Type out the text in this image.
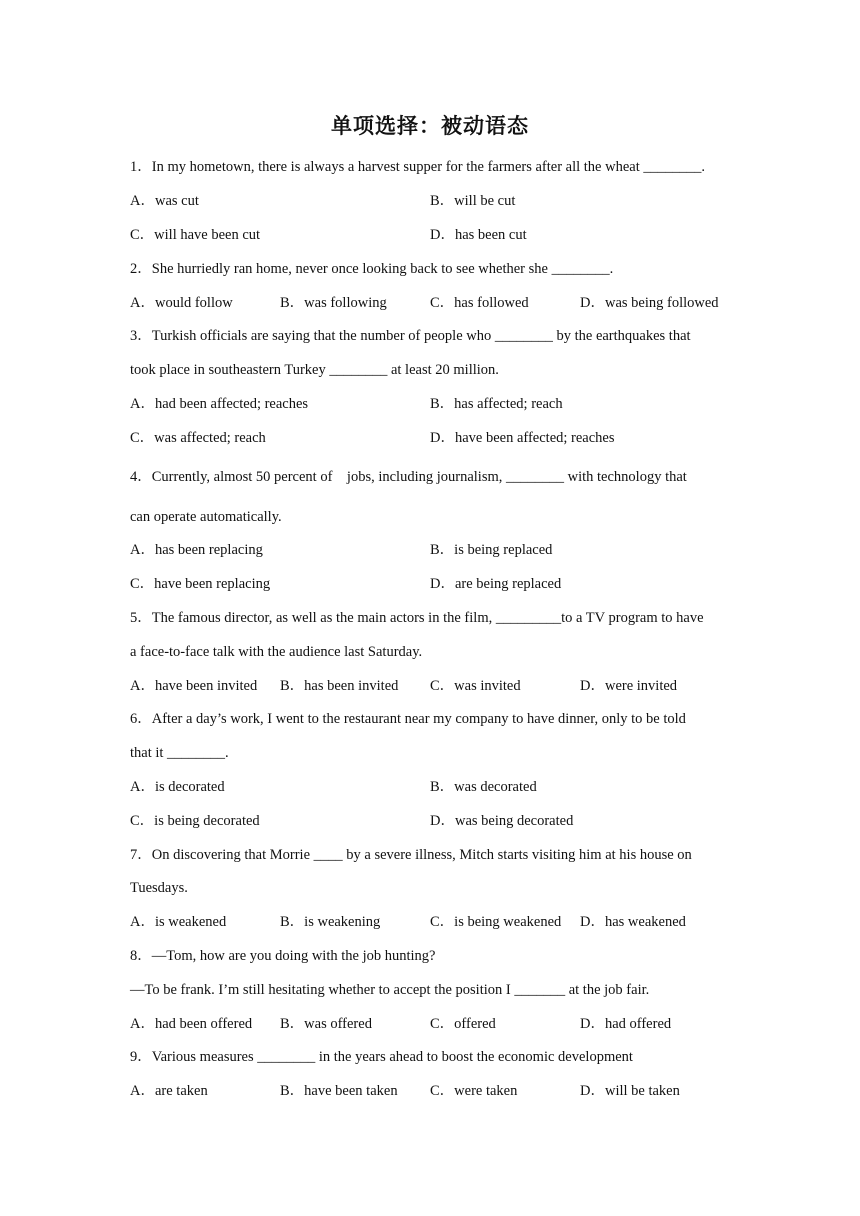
单项选择：被动语态
1．In my hometown, there is always a harvest supper for the farmers after all the wheat ________.
A．was cut	B．will be cut
C．will have been cut	D．has been cut
2．She hurriedly ran home, never once looking back to see whether she ________.
A．would follow	B．was following	C．has followed	D．was being followed
3．Turkish officials are saying that the number of people who ________ by the earthquakes that
took place in southeastern Turkey ________ at least 20 million.
A．had been affected; reaches	B．has affected; reach
C．was affected; reach	D．have been affected; reaches
4．Currently, almost 50 percent of    jobs, including journalism, ________ with technology that
can operate automatically.
A．has been replacing	B．is being replaced
C．have been replacing	D．are being replaced
5．The famous director, as well as the main actors in the film, _________to a TV program to have
a face-to-face talk with the audience last Saturday.
A．have been invited B．has been invited C．was invited	D．were invited
6．After a day’s work, I went to the restaurant near my company to have dinner, only to be told
that it ________.
A．is decorated	B．was decorated
C．is being decorated	D．was being decorated
7．On discovering that Morrie ____ by a severe illness, Mitch starts visiting him at his house on
Tuesdays.
A．is weakened	B．is weakening	C．is being weakened D．has weakened
8．—Tom, how are you doing with the job hunting?
—To be frank. I’m still hesitating whether to accept the position I _______ at the job fair.
A．had been offered B．was offered	C．offered	D．had offered
9．Various measures ________ in the years ahead to boost the economic development
A．are taken	B．have been taken C．were taken	D．will be taken
